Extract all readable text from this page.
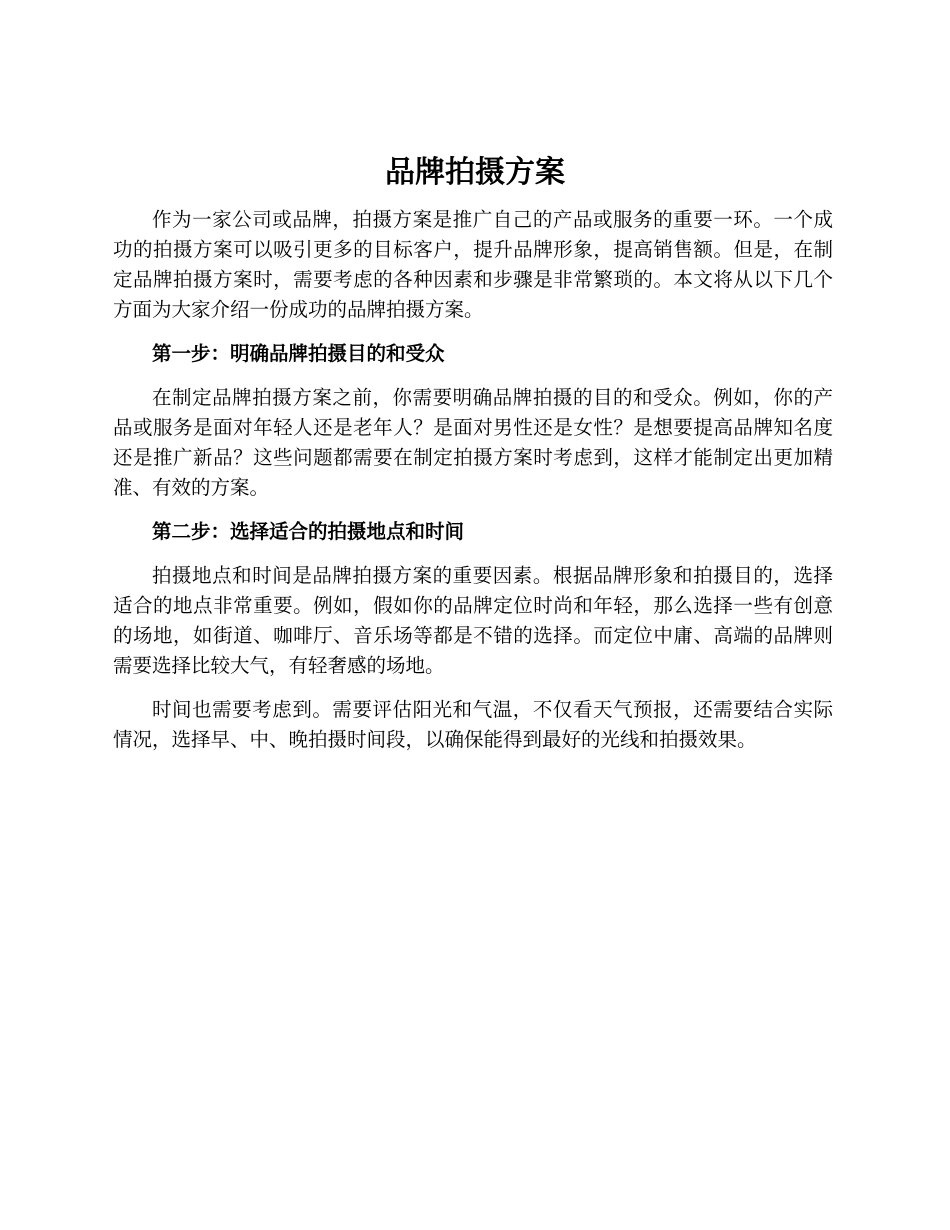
品牌拍摄方案

作为一家公司或品牌，拍摄方案是推广自己的产品或服务的重要一环。一个成功的拍摄方案可以吸引更多的目标客户，提升品牌形象，提高销售额。但是，在制定品牌拍摄方案时，需要考虑的各种因素和步骤是非常繁琐的。本文将从以下几个方面为大家介绍一份成功的品牌拍摄方案。

第一步：明确品牌拍摄目的和受众

在制定品牌拍摄方案之前，你需要明确品牌拍摄的目的和受众。例如，你的产品或服务是面对年轻人还是老年人？是面对男性还是女性？是想要提高品牌知名度还是推广新品？这些问题都需要在制定拍摄方案时考虑到，这样才能制定出更加精准、有效的方案。

第二步：选择适合的拍摄地点和时间

拍摄地点和时间是品牌拍摄方案的重要因素。根据品牌形象和拍摄目的，选择适合的地点非常重要。例如，假如你的品牌定位时尚和年轻，那么选择一些有创意的场地，如街道、咖啡厅、音乐场等都是不错的选择。而定位中庸、高端的品牌则需要选择比较大气，有轻奢感的场地。

时间也需要考虑到。需要评估阳光和气温，不仅看天气预报，还需要结合实际情况，选择早、中、晚拍摄时间段，以确保能得到最好的光线和拍摄效果。
